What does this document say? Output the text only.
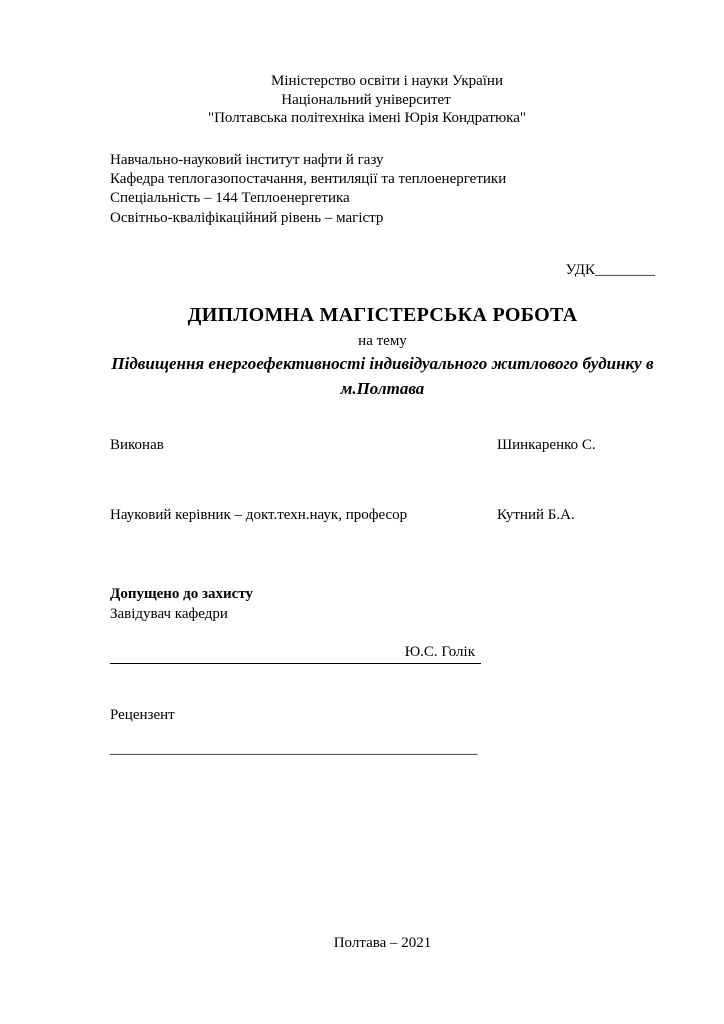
Міністерство освіти і науки України
Національний університет
"Полтавська політехніка імені Юрія Кондратюка"
Навчально-науковий інститут нафти й газу
Кафедра теплогазопостачання, вентиляції та теплоенергетики
Спеціальність – 144 Теплоенергетика
Освітньо-кваліфікаційний рівень – магістр
УДК________
ДИПЛОМНА МАГІСТЕРСЬКА РОБОТА
на тему
Підвищення енергоефективності індивідуального житлового будинку в м.Полтава
Виконав	Шинкаренко С.
Науковий керівник – докт.техн.наук, професор	Кутний Б.А.
Допущено до захисту
Завідувач кафедри
Ю.С. Голік
Рецензент
_________________________________________________
Полтава – 2021
